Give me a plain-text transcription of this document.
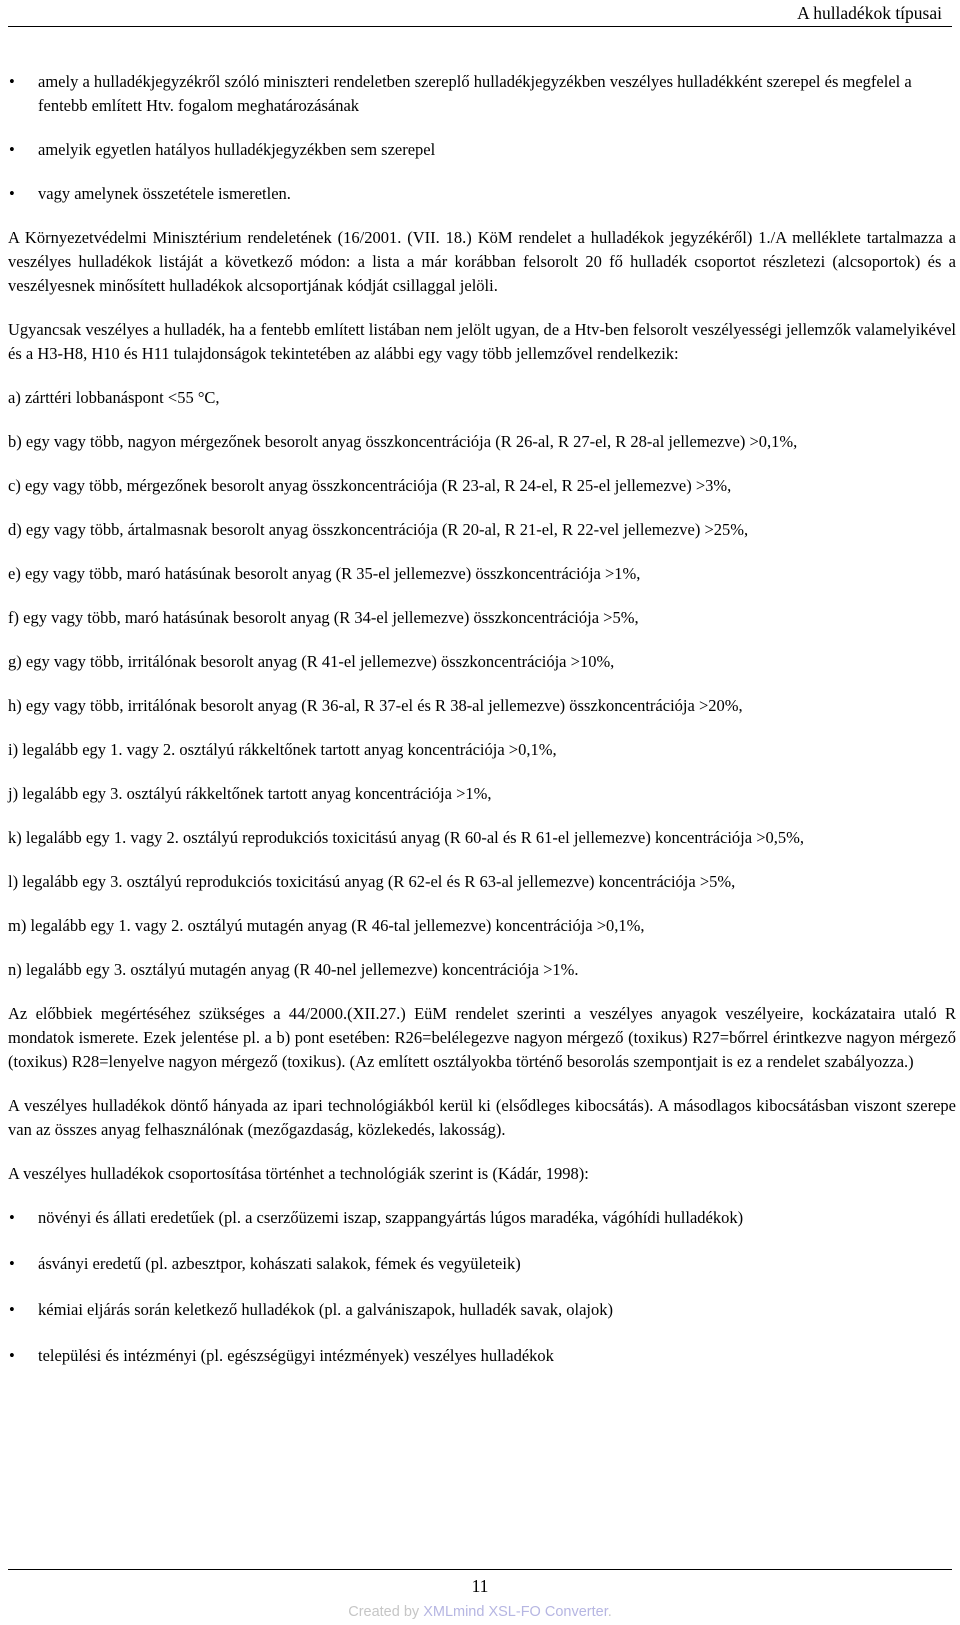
A hulladékok típusai
• amely a hulladékjegyzékről szóló miniszteri rendeletben szereplő hulladékjegyzékben veszélyes hulladékként szerepel és megfelel a fentebb említett Htv. fogalom meghatározásának
• amelyik egyetlen hatályos hulladékjegyzékben sem szerepel
• vagy amelynek összetétele ismeretlen.

A Környezetvédelmi Minisztérium rendeletének (16/2001. (VII. 18.) KöM rendelet a hulladékok jegyzékéről) 1./A melléklete tartalmazza a veszélyes hulladékok listáját a következő módon: a lista a már korábban felsorolt 20 fő hulladék csoportot részletezi (alcsoportok) és a veszélyesnek minősített hulladékok alcsoportjának kódját csillaggal jelöli.

Ugyancsak veszélyes a hulladék, ha a fentebb említett listában nem jelölt ugyan, de a Htv-ben felsorolt veszélyességi jellemzők valamelyikével és a H3-H8, H10 és H11 tulajdonságok tekintetében az alábbi egy vagy több jellemzővel rendelkezik:

a) zárttéri lobbanáspont <55 °C,

b) egy vagy több, nagyon mérgezőnek besorolt anyag összkoncentrációja (R 26-al, R 27-el, R 28-al jellemezve) >0,1%,

c) egy vagy több, mérgezőnek besorolt anyag összkoncentrációja (R 23-al, R 24-el, R 25-el jellemezve) >3%,

d) egy vagy több, ártalmasnak besorolt anyag összkoncentrációja (R 20-al, R 21-el, R 22-vel jellemezve) >25%,

e) egy vagy több, maró hatásúnak besorolt anyag (R 35-el jellemezve) összkoncentrációja >1%,

f) egy vagy több, maró hatásúnak besorolt anyag (R 34-el jellemezve) összkoncentrációja >5%,

g) egy vagy több, irritálónak besorolt anyag (R 41-el jellemezve) összkoncentrációja >10%,

h) egy vagy több, irritálónak besorolt anyag (R 36-al, R 37-el és R 38-al jellemezve) összkoncentrációja >20%,

i) legalább egy 1. vagy 2. osztályú rákkeltőnek tartott anyag koncentrációja >0,1%,

j) legalább egy 3. osztályú rákkeltőnek tartott anyag koncentrációja >1%,

k) legalább egy 1. vagy 2. osztályú reprodukciós toxicitású anyag (R 60-al és R 61-el jellemezve) koncentrációja >0,5%,

l) legalább egy 3. osztályú reprodukciós toxicitású anyag (R 62-el és R 63-al jellemezve) koncentrációja >5%,

m) legalább egy 1. vagy 2. osztályú mutagén anyag (R 46-tal jellemezve) koncentrációja >0,1%,

n) legalább egy 3. osztályú mutagén anyag (R 40-nel jellemezve) koncentrációja >1%.

Az előbbiek megértéséhez szükséges a 44/2000.(XII.27.) EüM rendelet szerinti a veszélyes anyagok veszélyeire, kockázataira utaló R mondatok ismerete. Ezek jelentése pl. a b) pont esetében: R26=belélegezve nagyon mérgező (toxikus) R27=bőrrel érintkezve nagyon mérgező (toxikus) R28=lenyelve nagyon mérgező (toxikus). (Az említett osztályokba történő besorolás szempontjait is ez a rendelet szabályozza.)

A veszélyes hulladékok döntő hányada az ipari technológiákból kerül ki (elsődleges kibocsátás). A másodlagos kibocsátásban viszont szerepe van az összes anyag felhasználónak (mezőgazdaság, közlekedés, lakosság).

A veszélyes hulladékok csoportosítása történhet a technológiák szerint is (Kádár, 1998):

• növényi és állati eredetűek (pl. a cserzőüzemi iszap, szappangyártás lúgos maradéka, vágóhídi hulladékok)
• ásványi eredetű (pl. azbesztpor, kohászati salakok, fémek és vegyületeik)
• kémiai eljárás során keletkező hulladékok (pl. a galvániszapok, hulladék savak, olajok)
• települési és intézményi (pl. egészségügyi intézmények) veszélyes hulladékok
11
Created by XMLmind XSL-FO Converter.
